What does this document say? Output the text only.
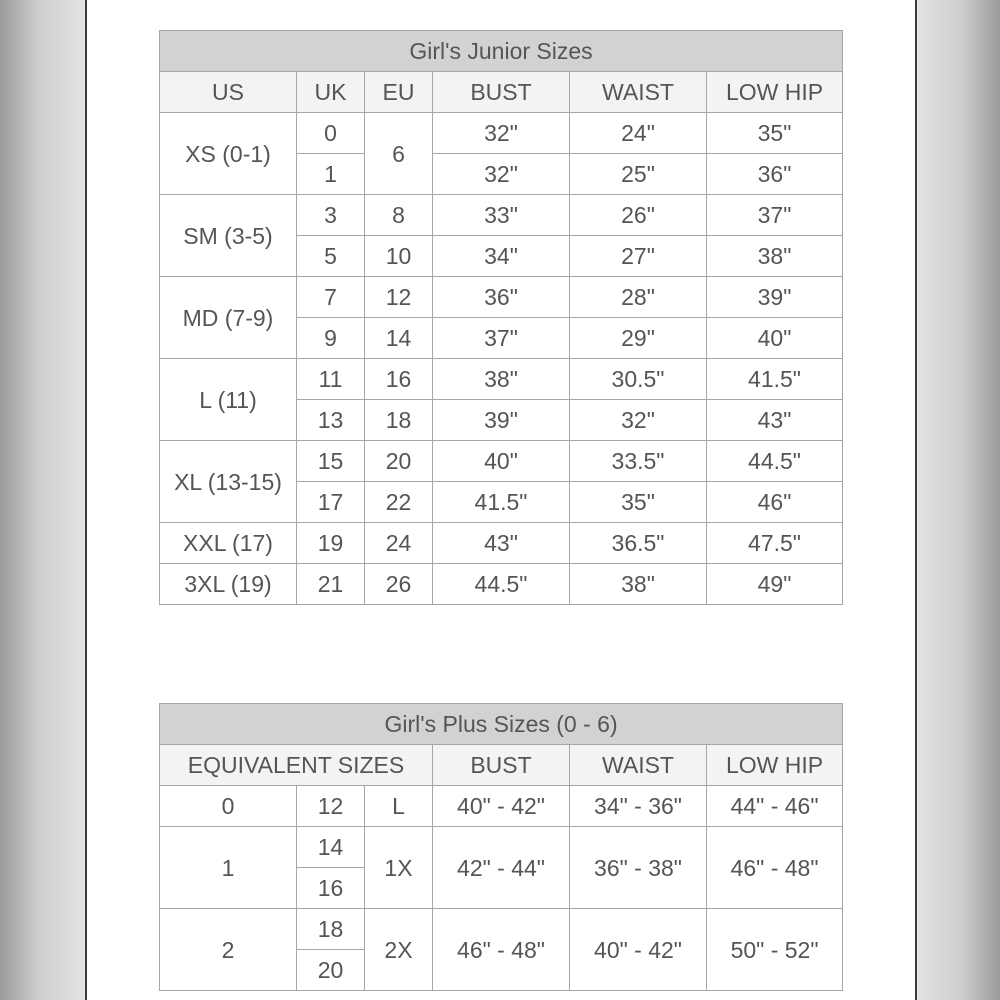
Girl's Junior Sizes					
US	UK	EU	BUST	WAIST	LOW HIP
XS (0-1)	0	6	32"	24"	35"
	1		32"	25"	36"
SM (3-5)	3	8	33"	26"	37"
	5	10	34"	27"	38"
MD (7-9)	7	12	36"	28"	39"
	9	14	37"	29"	40"
L (11)	11	16	38"	30.5"	41.5"
	13	18	39"	32"	43"
XL (13-15)	15	20	40"	33.5"	44.5"
	17	22	41.5"	35"	46"
XXL (17)	19	24	43"	36.5"	47.5"
3XL (19)	21	26	44.5"	38"	49"
Girl's Plus Sizes (0 - 6)					
EQUIVALENT SIZES			BUST	WAIST	LOW HIP
0	12	L	40" - 42"	34" - 36"	44" - 46"
1	14	1X	42" - 44"	36" - 38"	46" - 48"
	16				
2	18	2X	46" - 48"	40" - 42"	50" - 52"
	20				
